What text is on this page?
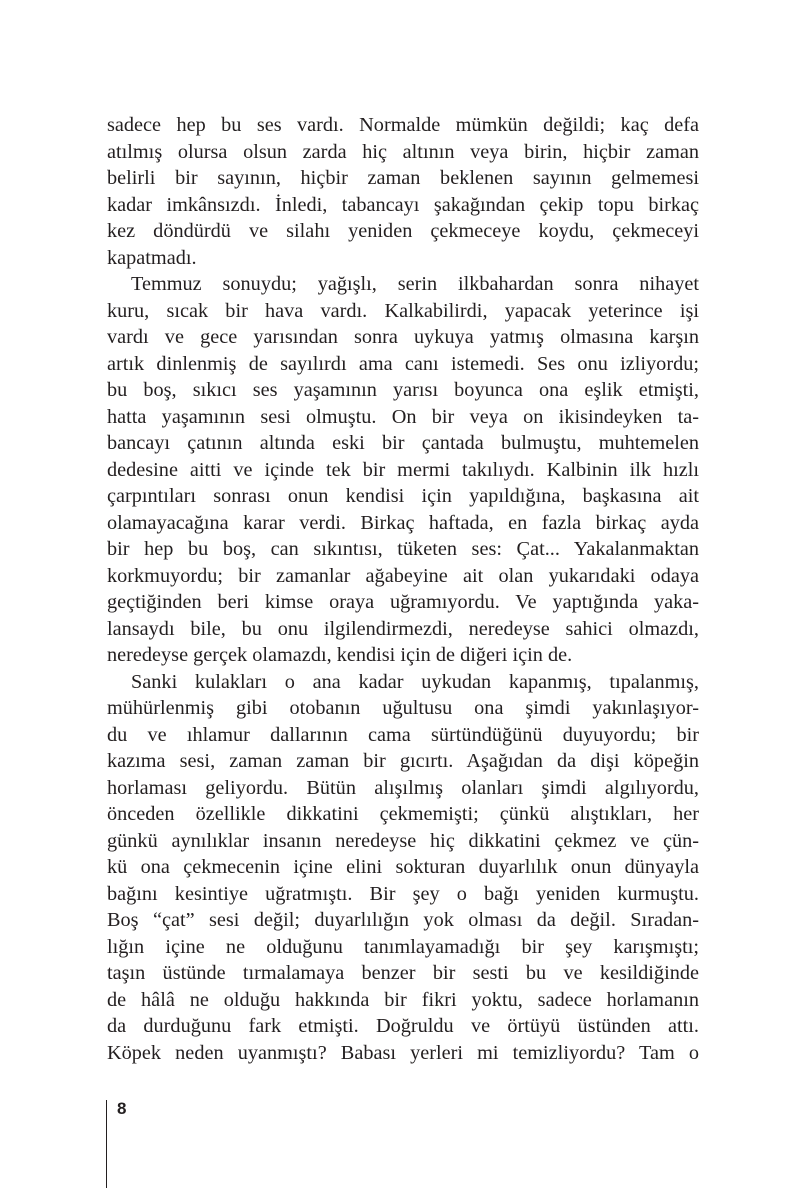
sadece hep bu ses vardı. Normalde mümkün değildi; kaç defa
atılmış olursa olsun zarda hiç altının veya birin, hiçbir zaman
belirli bir sayının, hiçbir zaman beklenen sayının gelmemesi
kadar imkânsızdı. İnledi, tabancayı şakağından çekip topu birkaç
kez döndürdü ve silahı yeniden çekmeceye koydu, çekmeceyi
kapatmadı.
Temmuz sonuydu; yağışlı, serin ilkbahardan sonra nihayet
kuru, sıcak bir hava vardı. Kalkabilirdi, yapacak yeterince işi
vardı ve gece yarısından sonra uykuya yatmış olmasına karşın
artık dinlenmiş de sayılırdı ama canı istemedi. Ses onu izliyordu;
bu boş, sıkıcı ses yaşamının yarısı boyunca ona eşlik etmişti,
hatta yaşamının sesi olmuştu. On bir veya on ikisindeyken ta-
bancayı çatının altında eski bir çantada bulmuştu, muhtemelen
dedesine aitti ve içinde tek bir mermi takılıydı. Kalbinin ilk hızlı
çarpıntıları sonrası onun kendisi için yapıldığına, başkasına ait
olamayacağına karar verdi. Birkaç haftada, en fazla birkaç ayda
bir hep bu boş, can sıkıntısı, tüketen ses: Çat... Yakalanmaktan
korkmuyordu; bir zamanlar ağabeyine ait olan yukarıdaki odaya
geçtiğinden beri kimse oraya uğramıyordu. Ve yaptığında yaka-
lansaydı bile, bu onu ilgilendirmezdi, neredeyse sahici olmazdı,
neredeyse gerçek olamazdı, kendisi için de diğeri için de.
Sanki kulakları o ana kadar uykudan kapanmış, tıpalanmış,
mühürlenmiş gibi otobanın uğultusu ona şimdi yakınlaşıyor-
du ve ıhlamur dallarının cama sürtündüğünü duyuyordu; bir
kazıma sesi, zaman zaman bir gıcırtı. Aşağıdan da dişi köpeğin
horlaması geliyordu. Bütün alışılmış olanları şimdi algılıyordu,
önceden özellikle dikkatini çekmemişti; çünkü alıştıkları, her
günkü aynılıklar insanın neredeyse hiç dikkatini çekmez ve çün-
kü ona çekmecenin içine elini sokturan duyarlılık onun dünyayla
bağını kesintiye uğratmıştı. Bir şey o bağı yeniden kurmuştu.
Boş “çat” sesi değil; duyarlılığın yok olması da değil. Sıradan-
lığın içine ne olduğunu tanımlayamadığı bir şey karışmıştı;
taşın üstünde tırmalamaya benzer bir sesti bu ve kesildiğinde
de hâlâ ne olduğu hakkında bir fikri yoktu, sadece horlamanın
da durduğunu fark etmişti. Doğruldu ve örtüyü üstünden attı.
Köpek neden uyanmıştı? Babası yerleri mi temizliyordu? Tam o
8
